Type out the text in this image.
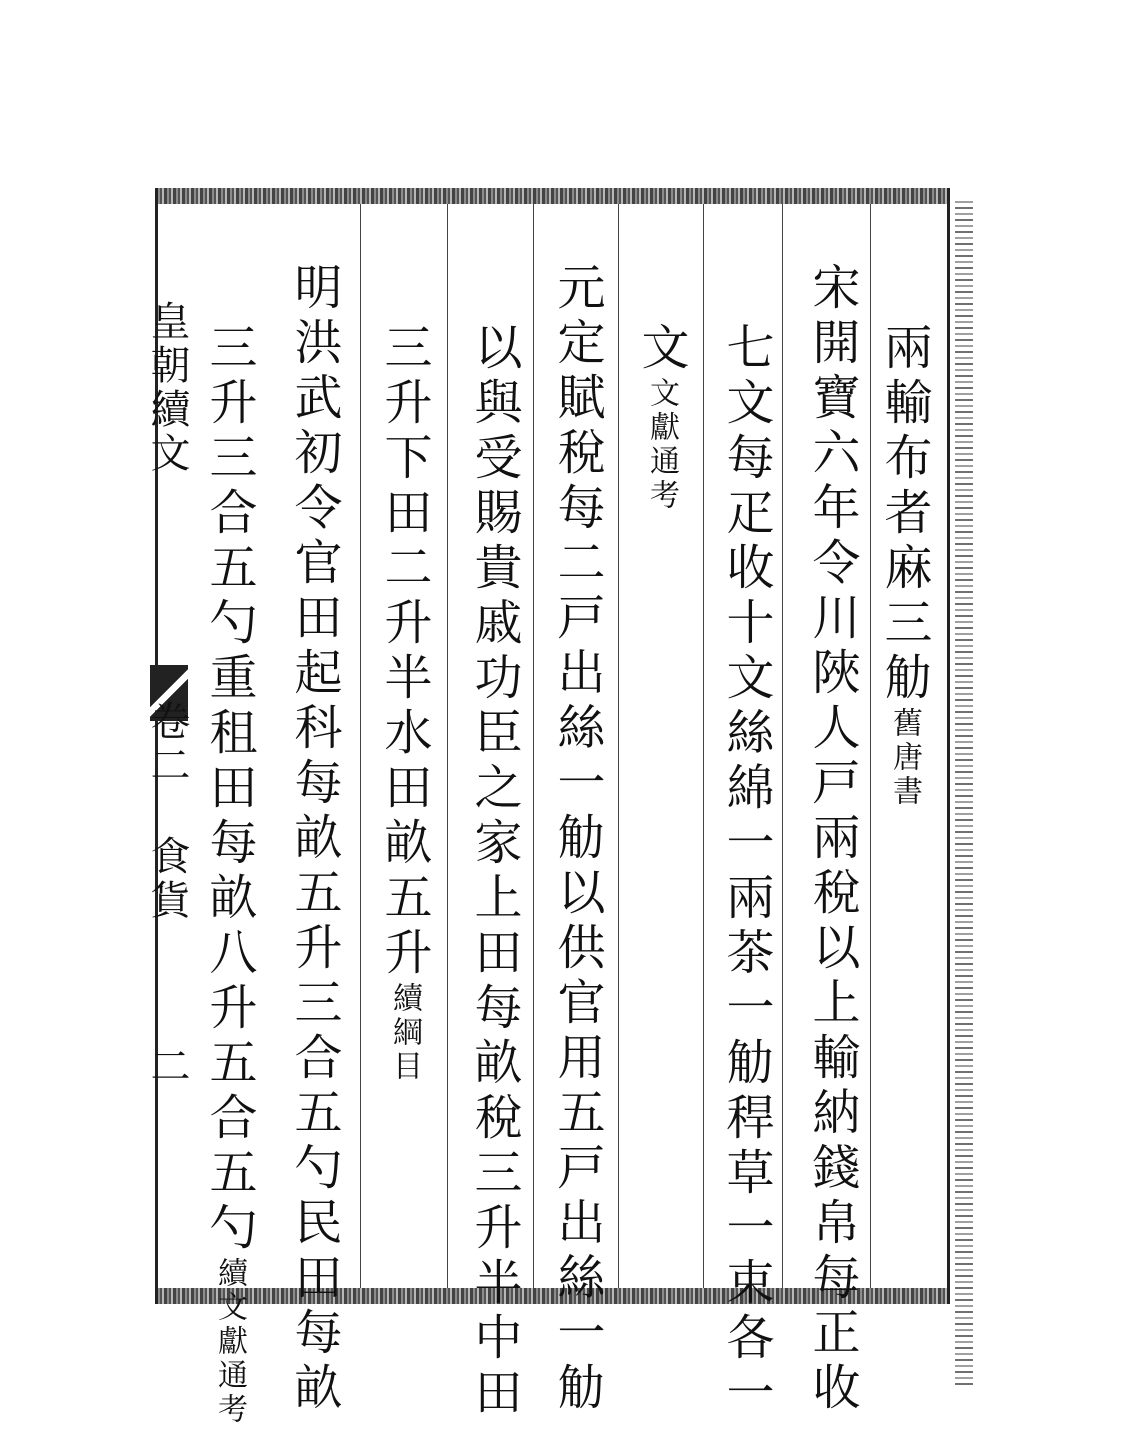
皇朝續文
卷二
食貨
二
兩輸布者麻三觔舊唐書
宋開寶六年令川陜人戸兩稅以上輸納錢帛每正收
七文每疋收十文絲綿一兩茶一觔稈草一束各一
文文獻通考
元定賦稅每二戸出絲一觔以供官用五戸出絲一觔
以與受賜貴戚功臣之家上田每畝稅三升半中田
三升下田二升半水田畝五升續綱目
明洪武初令官田起科每畝五升三合五勺民田每畝
三升三合五勺重租田每畝八升五合五勺續文獻通考
